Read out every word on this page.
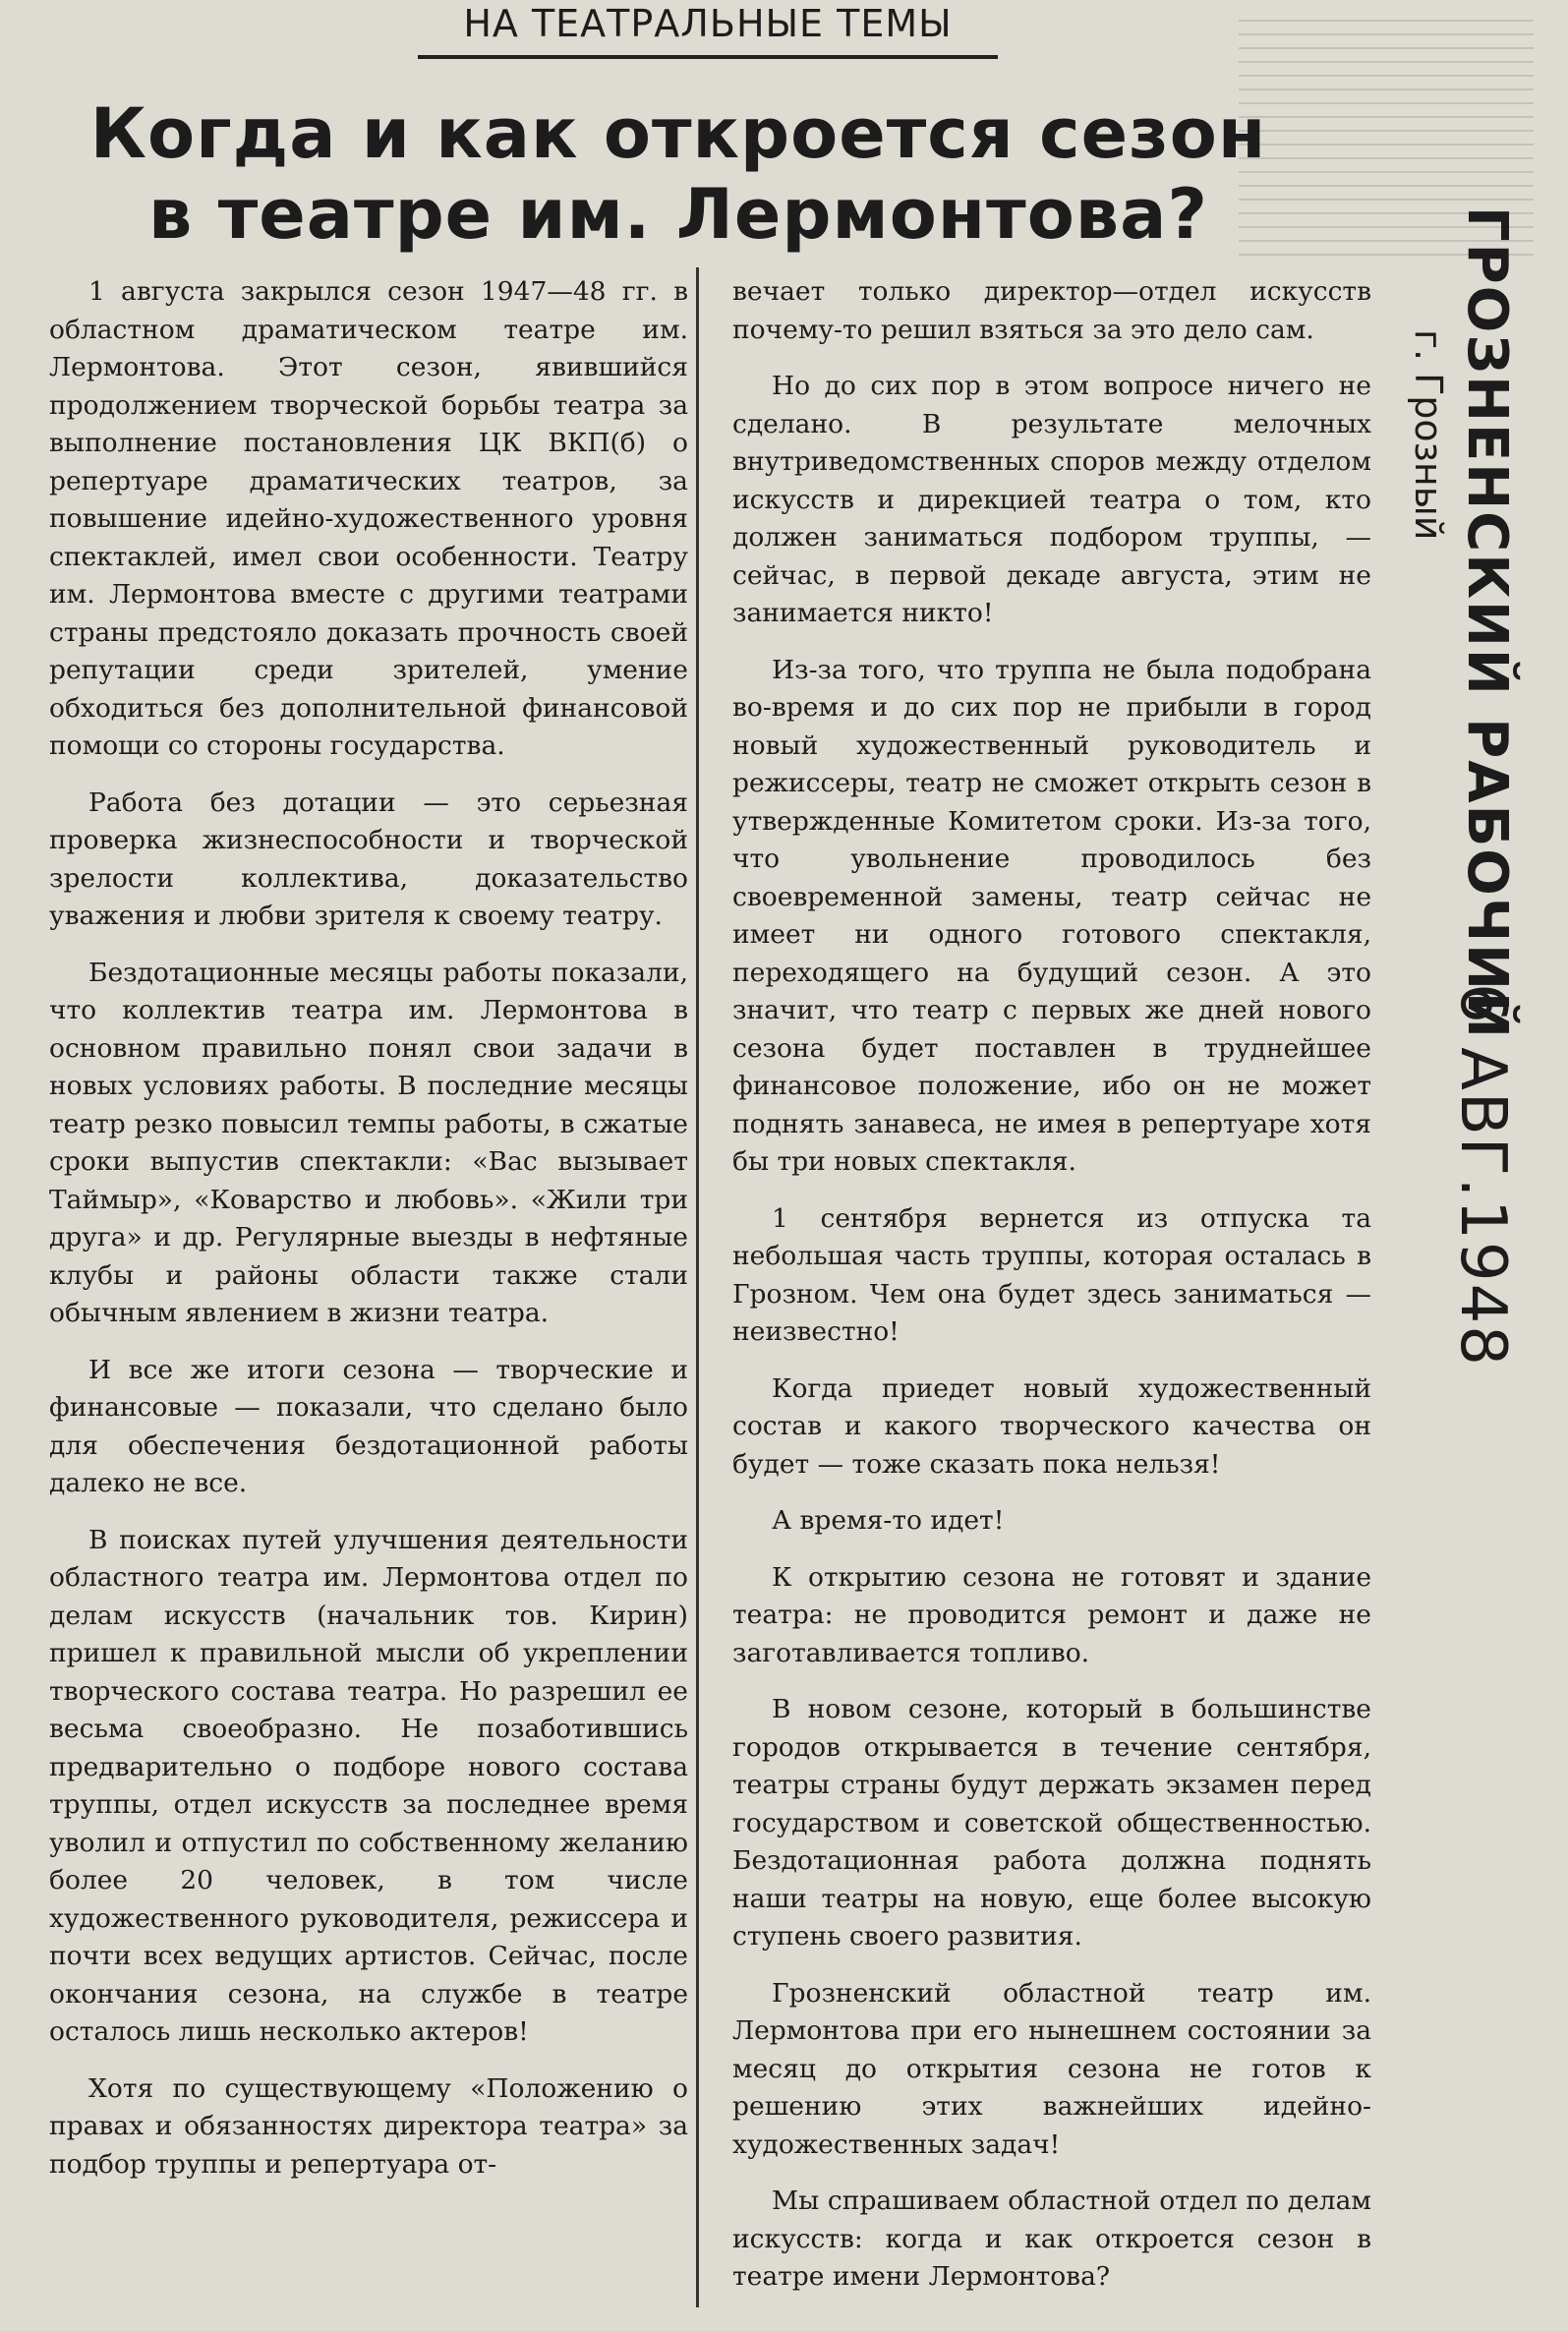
НА ТЕАТРАЛЬНЫЕ ТЕМЫ
Когда и как откроется сезон
в театре им. Лермонтова?

1 августа закрылся сезон 1947—48 гг. в областном драматическом театре им. Лермонтова. Этот сезон, явившийся продолжением творческой борьбы театра за выполнение постановления ЦК ВКП(б) о репертуаре драматических театров, за повышение идейно-художественного уровня спектаклей, имел свои особенности. Театру им. Лермонтова вместе с другими театрами страны предстояло доказать прочность своей репутации среди зрителей, умение обходиться без дополнительной финансовой помощи со стороны государства.

Работа без дотации — это серьезная проверка жизнеспособности и творческой зрелости коллектива, доказательство уважения и любви зрителя к своему театру.

Бездотационные месяцы работы показали, что коллектив театра им. Лермонтова в основном правильно понял свои задачи в новых условиях работы. В последние месяцы театр резко повысил темпы работы, в сжатые сроки выпустив спектакли: «Вас вызывает Таймыр», «Коварство и любовь». «Жили три друга» и др. Регулярные выезды в нефтяные клубы и районы области также стали обычным явлением в жизни театра.

И все же итоги сезона — творческие и финансовые — показали, что сделано было для обеспечения бездотационной работы далеко не все.

В поисках путей улучшения деятельности областного театра им. Лермонтова отдел по делам искусств (начальник тов. Кирин) пришел к правильной мысли об укреплении творческого состава театра. Но разрешил ее весьма своеобразно. Не позаботившись предварительно о подборе нового состава труппы, отдел искусств за последнее время уволил и отпустил по собственному желанию более 20 человек, в том числе художественного руководителя, режиссера и почти всех ведущих артистов. Сейчас, после окончания сезона, на службе в театре осталось лишь несколько актеров!

Хотя по существующему «Положению о правах и обязанностях директора театра» за подбор труппы и репертуара от-

вечает только директор—отдел искусств почему-то решил взяться за это дело сам.

Но до сих пор в этом вопросе ничего не сделано. В результате мелочных внутриведомственных споров между отделом искусств и дирекцией театра о том, кто должен заниматься подбором труппы, — сейчас, в первой декаде августа, этим не занимается никто!

Из-за того, что труппа не была подобрана во-время и до сих пор не прибыли в город новый художественный руководитель и режиссеры, театр не сможет открыть сезон в утвержденные Комитетом сроки. Из-за того, что увольнение проводилось без своевременной замены, театр сейчас не имеет ни одного готового спектакля, переходящего на будущий сезон. А это значит, что театр с первых же дней нового сезона будет поставлен в труднейшее финансовое положение, ибо он не может поднять занавеса, не имея в репертуаре хотя бы три новых спектакля.

1 сентября вернется из отпуска та небольшая часть труппы, которая осталась в Грозном. Чем она будет здесь заниматься — неизвестно!

Когда приедет новый художественный состав и какого творческого качества он будет — тоже сказать пока нельзя!

А время-то идет!

К открытию сезона не готовят и здание театра: не проводится ремонт и даже не заготавливается топливо.

В новом сезоне, который в большинстве городов открывается в течение сентября, театры страны будут держать экзамен перед государством и советской общественностью. Бездотационная работа должна поднять наши театры на новую, еще более высокую ступень своего развития.

Грозненский областной театр им. Лермонтова при его нынешнем состоянии за месяц до открытия сезона не готов к решению этих важнейших идейно-художественных задач!

Мы спрашиваем областной отдел по делам искусств: когда и как откроется сезон в театре имени Лермонтова?

ГРОЗНЕНСКИЙ РАБОЧИЙ
г. Грозный
6 АВГ.1948
